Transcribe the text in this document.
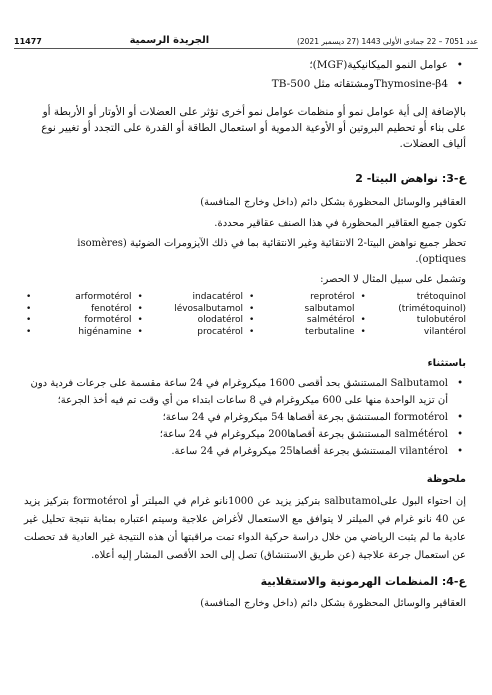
11477	الجريدة الرسمية	عدد 7051 – 22 جمادى الأولى 1443 (27 ديسمبر 2021)
• عوامل النمو الميكانيكية(MGF)؛
• Thymosine-β4ومشتقاته مثل TB-500

بالإضافة إلى أية عوامل نمو أو منظمات عوامل نمو أخرى تؤثر على العضلات أو الأوتار أو الأربطة أو على بناء أو تحطيم البروتين أو الأوعية الدموية أو استعمال الطاقة أو القدرة على التجدد أو تغيير نوع ألياف العضلات.

ع-3: نواهض البيتا- 2

العقاقير والوسائل المحظورة بشكل دائم (داخل وخارج المنافسة)

تكون جميع العقاقير المحظورة في هذا الصنف عقاقير محددة.

تحظر جميع نواهض البيتا-2 الانتقائية وغير الانتقائية بما في ذلك الآيزومرات الضوئية (isomères optiques).

وتشمل على سبيل المثال لا الحصر:

• arformotérol
• fenotérol
• formotérol
• higénamine
• indacatérol
• lévosalbutamol
• olodatérol
• procatérol
• reprotérol
• salbutamol
• salmétérol
• terbutaline
• trétoquinol
(trimétoquinol)
• tulobutérol
• vilantérol
باستثناء
• Salbutamol المستنشق بحد أقصى 1600 ميكروغرام في 24 ساعة مقسمة على جرعات فردية دون أن تزيد الواحدة منها على 600 ميكروغرام في 8 ساعات ابتداء من أي وقت تم فيه أخذ الجرعة؛
• formotérol المستنشق بجرعة أقصاها 54 ميكروغرام في 24 ساعة؛
• salmétérol المستنشق بجرعة أقصاها200 ميكروغرام في 24 ساعة؛
• vilantérol المستنشق بجرعة أقصاها25 ميكروغرام في 24 ساعة.
ملحوظة

إن احتواء البول علىsalbutamol بتركيز يزيد عن 1000نانو غرام في الميلتر أو formotérol بتركيز يزيد عن 40 نانو غرام في الميلتر لا يتوافق مع الاستعمال لأغراض علاجية وسيتم اعتباره بمثابة نتيجة تحليل غير عادية ما لم يثبت الرياضي من خلال دراسة حركية الدواء تمت مراقبتها أن هذه النتيجة غير العادية قد تحصلت عن استعمال جرعة علاجية (عن طريق الاستنشاق) تصل إلى الحد الأقصى المشار إليه أعلاه.

ع-4: المنظمات الهرمونية والاستقلابية

العقاقير والوسائل المحظورة بشكل دائم (داخل وخارج المنافسة)
